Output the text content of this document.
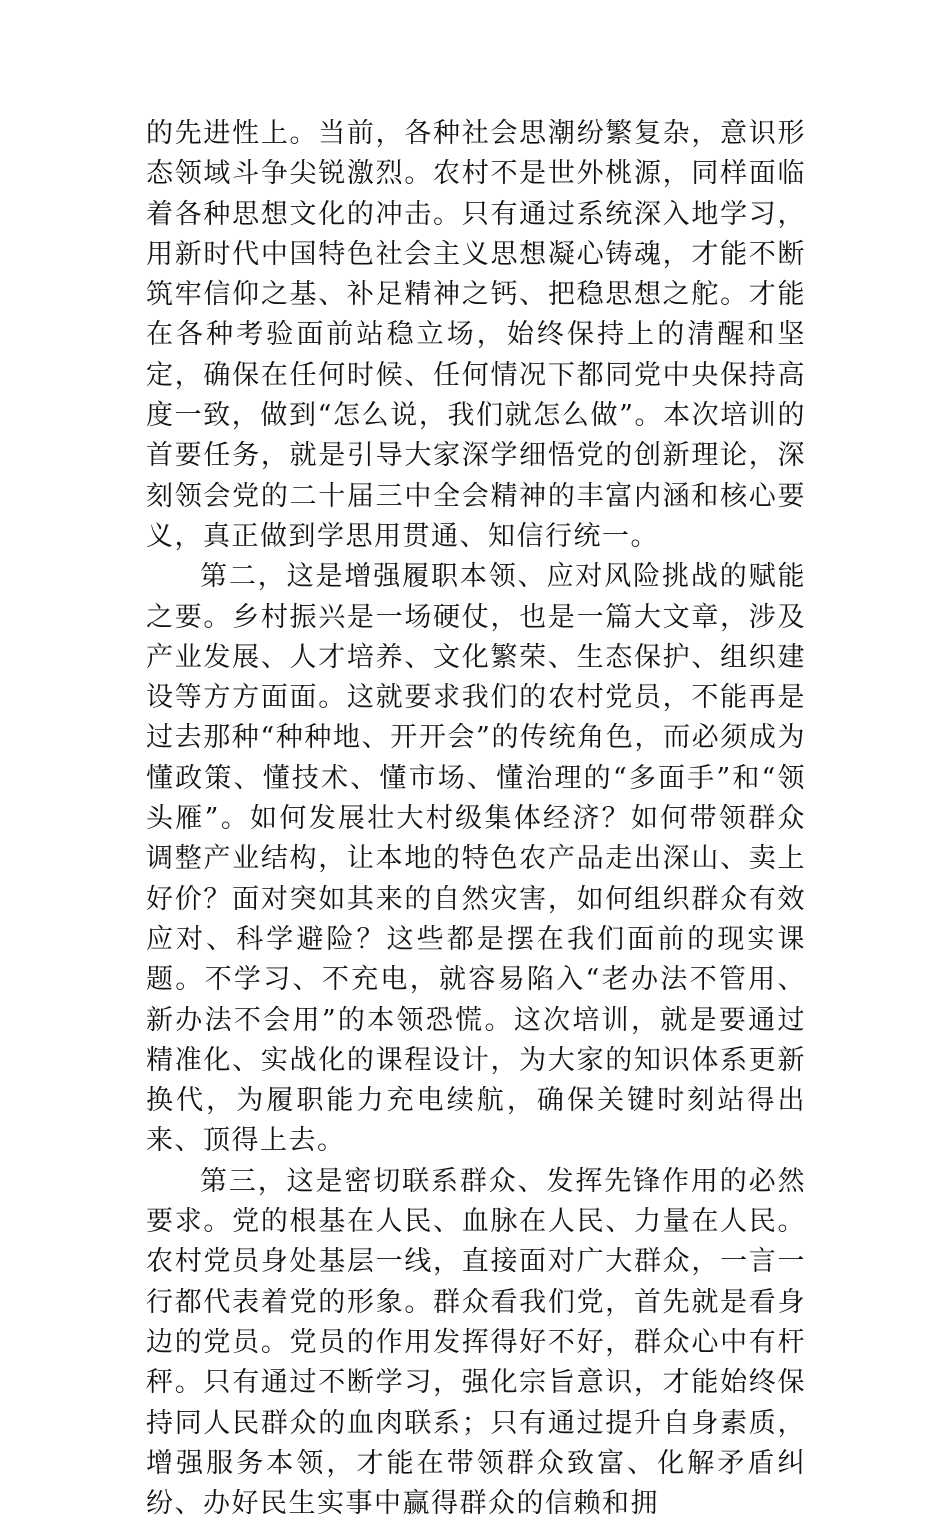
的先进性上。当前，各种社会思潮纷繁复杂，意识形态领域斗争尖锐激烈。农村不是世外桃源，同样面临着各种思想文化的冲击。只有通过系统深入地学习，用新时代中国特色社会主义思想凝心铸魂，才能不断筑牢信仰之基、补足精神之钙、把稳思想之舵。才能在各种考验面前站稳立场，始终保持上的清醒和坚定，确保在任何时候、任何情况下都同党中央保持高度一致，做到“怎么说，我们就怎么做”。本次培训的首要任务，就是引导大家深学细悟党的创新理论，深刻领会党的二十届三中全会精神的丰富内涵和核心要义，真正做到学思用贯通、知信行统一。

第二，这是增强履职本领、应对风险挑战的赋能之要。乡村振兴是一场硬仗，也是一篇大文章，涉及产业发展、人才培养、文化繁荣、生态保护、组织建设等方方面面。这就要求我们的农村党员，不能再是过去那种“种种地、开开会”的传统角色，而必须成为懂政策、懂技术、懂市场、懂治理的“多面手”和“领头雁”。如何发展壮大村级集体经济？如何带领群众调整产业结构，让本地的特色农产品走出深山、卖上好价？面对突如其来的自然灾害，如何组织群众有效应对、科学避险？这些都是摆在我们面前的现实课题。不学习、不充电，就容易陷入“老办法不管用、新办法不会用”的本领恐慌。这次培训，就是要通过精准化、实战化的课程设计，为大家的知识体系更新换代，为履职能力充电续航，确保关键时刻站得出来、顶得上去。

第三，这是密切联系群众、发挥先锋作用的必然要求。党的根基在人民、血脉在人民、力量在人民。农村党员身处基层一线，直接面对广大群众，一言一行都代表着党的形象。群众看我们党，首先就是看身边的党员。党员的作用发挥得好不好，群众心中有杆秤。只有通过不断学习，强化宗旨意识，才能始终保持同人民群众的血肉联系；只有通过提升自身素质，增强服务本领，才能在带领群众致富、化解矛盾纠纷、办好民生实事中赢得群众的信赖和拥
